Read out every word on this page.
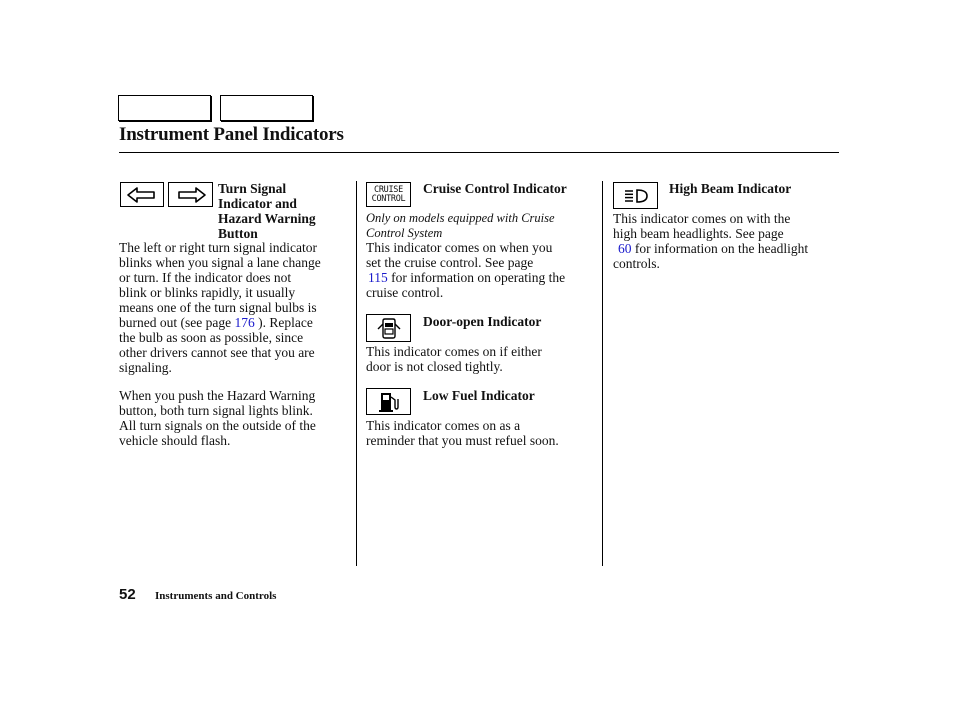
Instrument Panel Indicators
Turn Signal
Indicator and
Hazard Warning
Button
The left or right turn signal indicator
blinks when you signal a lane change
or turn. If the indicator does not
blink or blinks rapidly, it usually
means one of the turn signal bulbs is
burned out (see page 176 ). Replace
the bulb as soon as possible, since
other drivers cannot see that you are
signaling.
When you push the Hazard Warning
button, both turn signal lights blink.
All turn signals on the outside of the
vehicle should flash.
CRUISE
CONTROL
Cruise Control Indicator
Only on models equipped with Cruise
Control System
This indicator comes on when you
set the cruise control. See page
115 for information on operating the
cruise control.
Door-open Indicator
This indicator comes on if either
door is not closed tightly.
Low Fuel Indicator
This indicator comes on as a
reminder that you must refuel soon.
High Beam Indicator
This indicator comes on with the
high beam headlights. See page
60 for information on the headlight
controls.
52 Instruments and Controls
